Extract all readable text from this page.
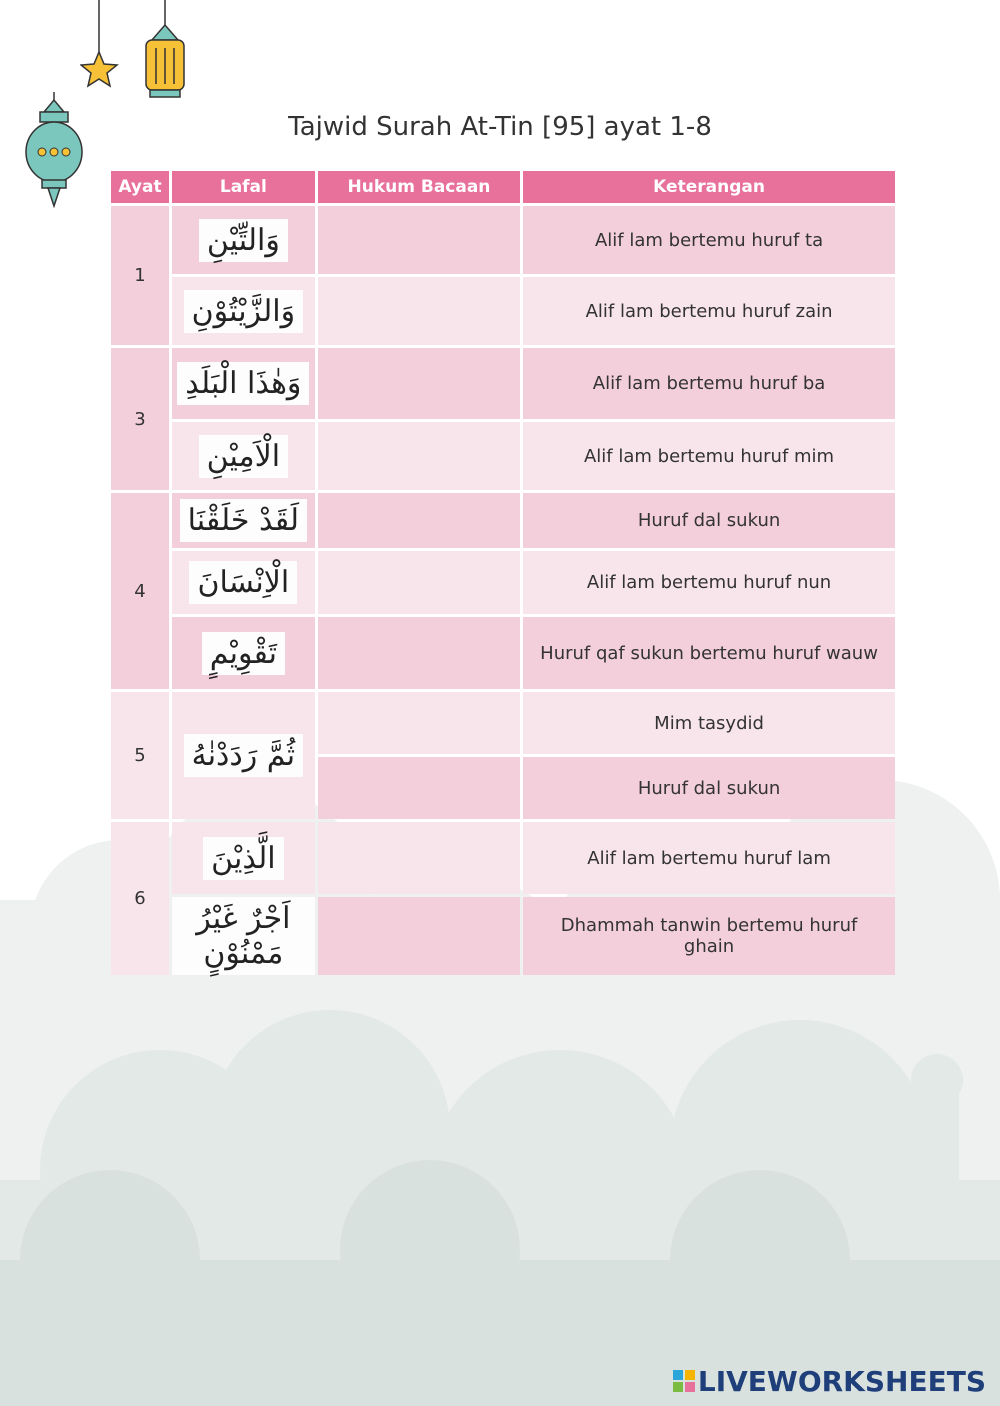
Tajwid Surah At-Tin [95] ayat 1-8
Ayat	Lafal	Hukum Bacaan	Keterangan
1	وَالتِّيْنِ		Alif lam bertemu huruf ta
	وَالزَّيْتُوْنِ		Alif lam bertemu huruf zain
3	وَهٰذَا الْبَلَدِ		Alif lam bertemu huruf ba
	الْاَمِيْنِ		Alif lam bertemu huruf mim
4	لَقَدْ خَلَقْنَا		Huruf dal sukun
	الْاِنْسَانَ		Alif lam bertemu huruf nun
	تَقْوِيْمٍ		Huruf qaf sukun bertemu huruf wauw
5	ثُمَّ رَدَدْنٰهُ		Mim tasydid
			Huruf dal sukun
6	الَّذِيْنَ		Alif lam bertemu huruf lam
	اَجْرٌ غَيْرُ مَمْنُوْنٍ		Dhammah tanwin bertemu huruf ghain
LIVEWORKSHEETS
